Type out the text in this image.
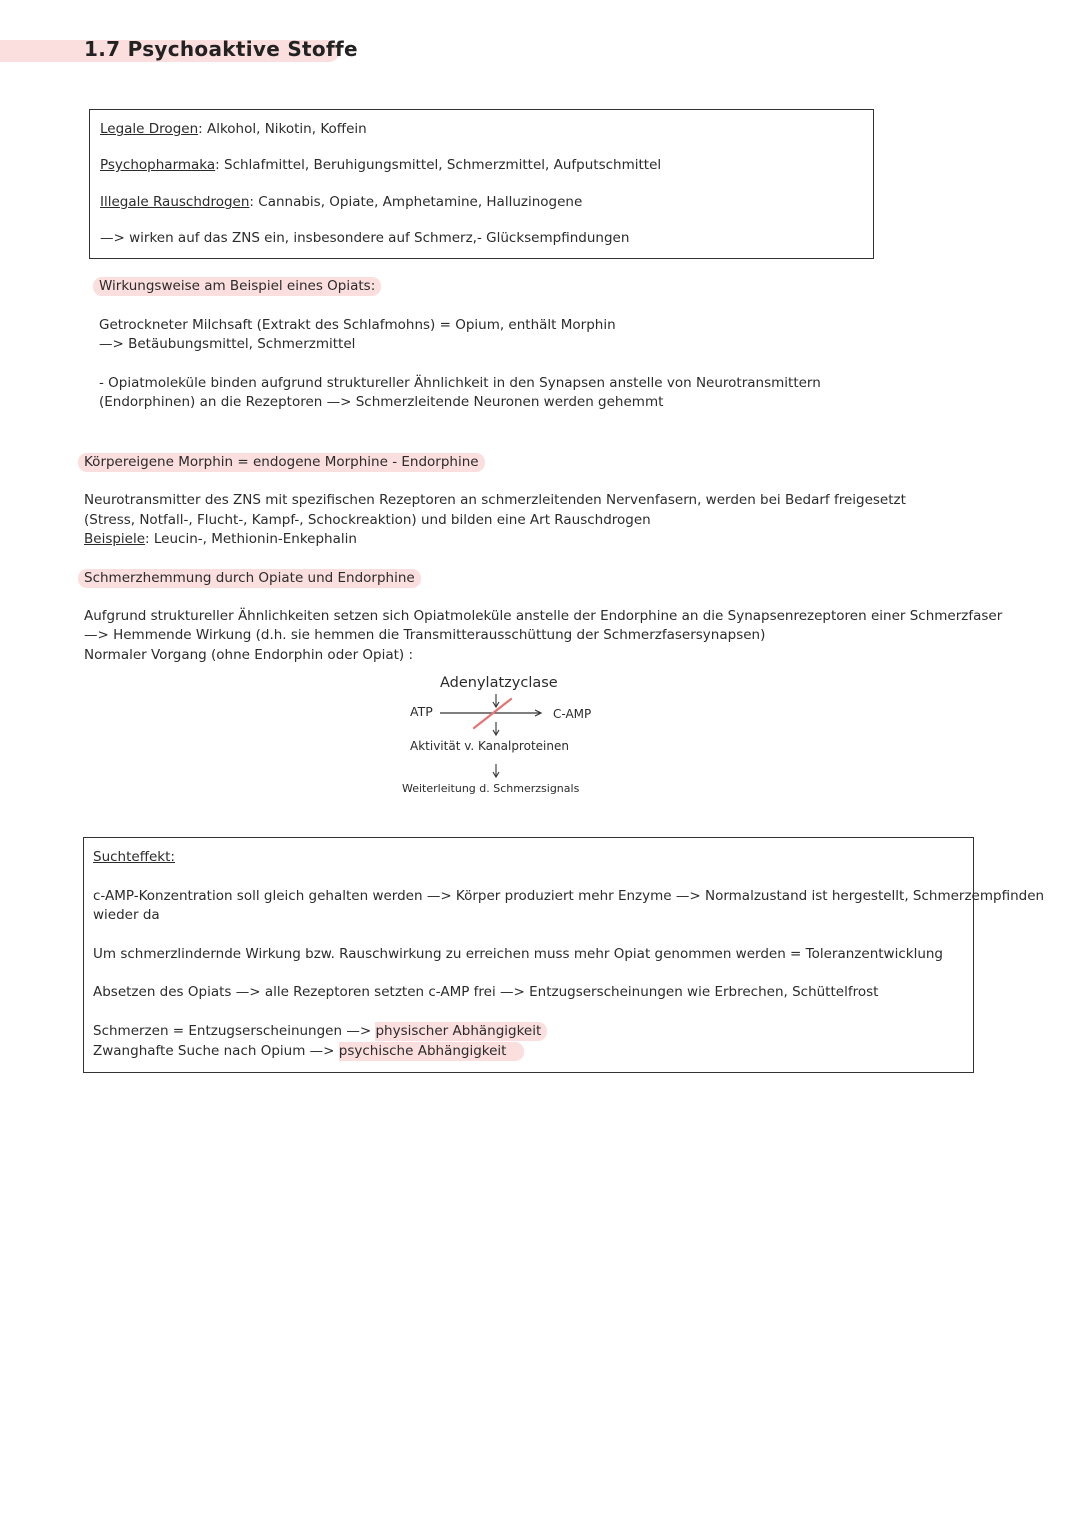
1.7 Psychoaktive Stoffe
Legale Drogen: Alkohol, Nikotin, Koffein
Psychopharmaka: Schlafmittel, Beruhigungsmittel, Schmerzmittel, Aufputschmittel
Illegale Rauschdrogen: Cannabis, Opiate, Amphetamine, Halluzinogene
—> wirken auf das ZNS ein, insbesondere auf Schmerz,- Glücksempfindungen
Wirkungsweise am Beispiel eines Opiats:
Getrockneter Milchsaft (Extrakt des Schlafmohns) = Opium, enthält Morphin
—> Betäubungsmittel, Schmerzmittel
- Opiatmoleküle binden aufgrund struktureller Ähnlichkeit in den Synapsen anstelle von Neurotransmittern
(Endorphinen) an die Rezeptoren —> Schmerzleitende Neuronen werden gehemmt
Körpereigene Morphin = endogene Morphine - Endorphine
Neurotransmitter des ZNS mit spezifischen Rezeptoren an schmerzleitenden Nervenfasern, werden bei Bedarf freigesetzt
(Stress, Notfall-, Flucht-, Kampf-, Schockreaktion) und bilden eine Art Rauschdrogen
Beispiele: Leucin-, Methionin-Enkephalin
Schmerzhemmung durch Opiate und Endorphine
Aufgrund struktureller Ähnlichkeiten setzen sich Opiatmoleküle anstelle der Endorphine an die Synapsenrezeptoren einer Schmerzfaser
—> Hemmende Wirkung (d.h. sie hemmen die Transmitterausschüttung der Schmerzfasersynapsen)
Normaler Vorgang (ohne Endorphin oder Opiat) :
Adenylatzyclase
ATP	C-AMP
Aktivität v. Kanalproteinen
Weiterleitung d. Schmerzsignals
Suchteffekt:
c-AMP-Konzentration soll gleich gehalten werden —> Körper produziert mehr Enzyme —> Normalzustand ist hergestellt, Schmerzempfinden
wieder da
Um schmerzlindernde Wirkung bzw. Rauschwirkung zu erreichen muss mehr Opiat genommen werden = Toleranzentwicklung
Absetzen des Opiats —> alle Rezeptoren setzten c-AMP frei —> Entzugserscheinungen wie Erbrechen, Schüttelfrost
Schmerzen = Entzugserscheinungen —> physischer Abhängigkeit
Zwanghafte Suche nach Opium —> psychische Abhängigkeit
